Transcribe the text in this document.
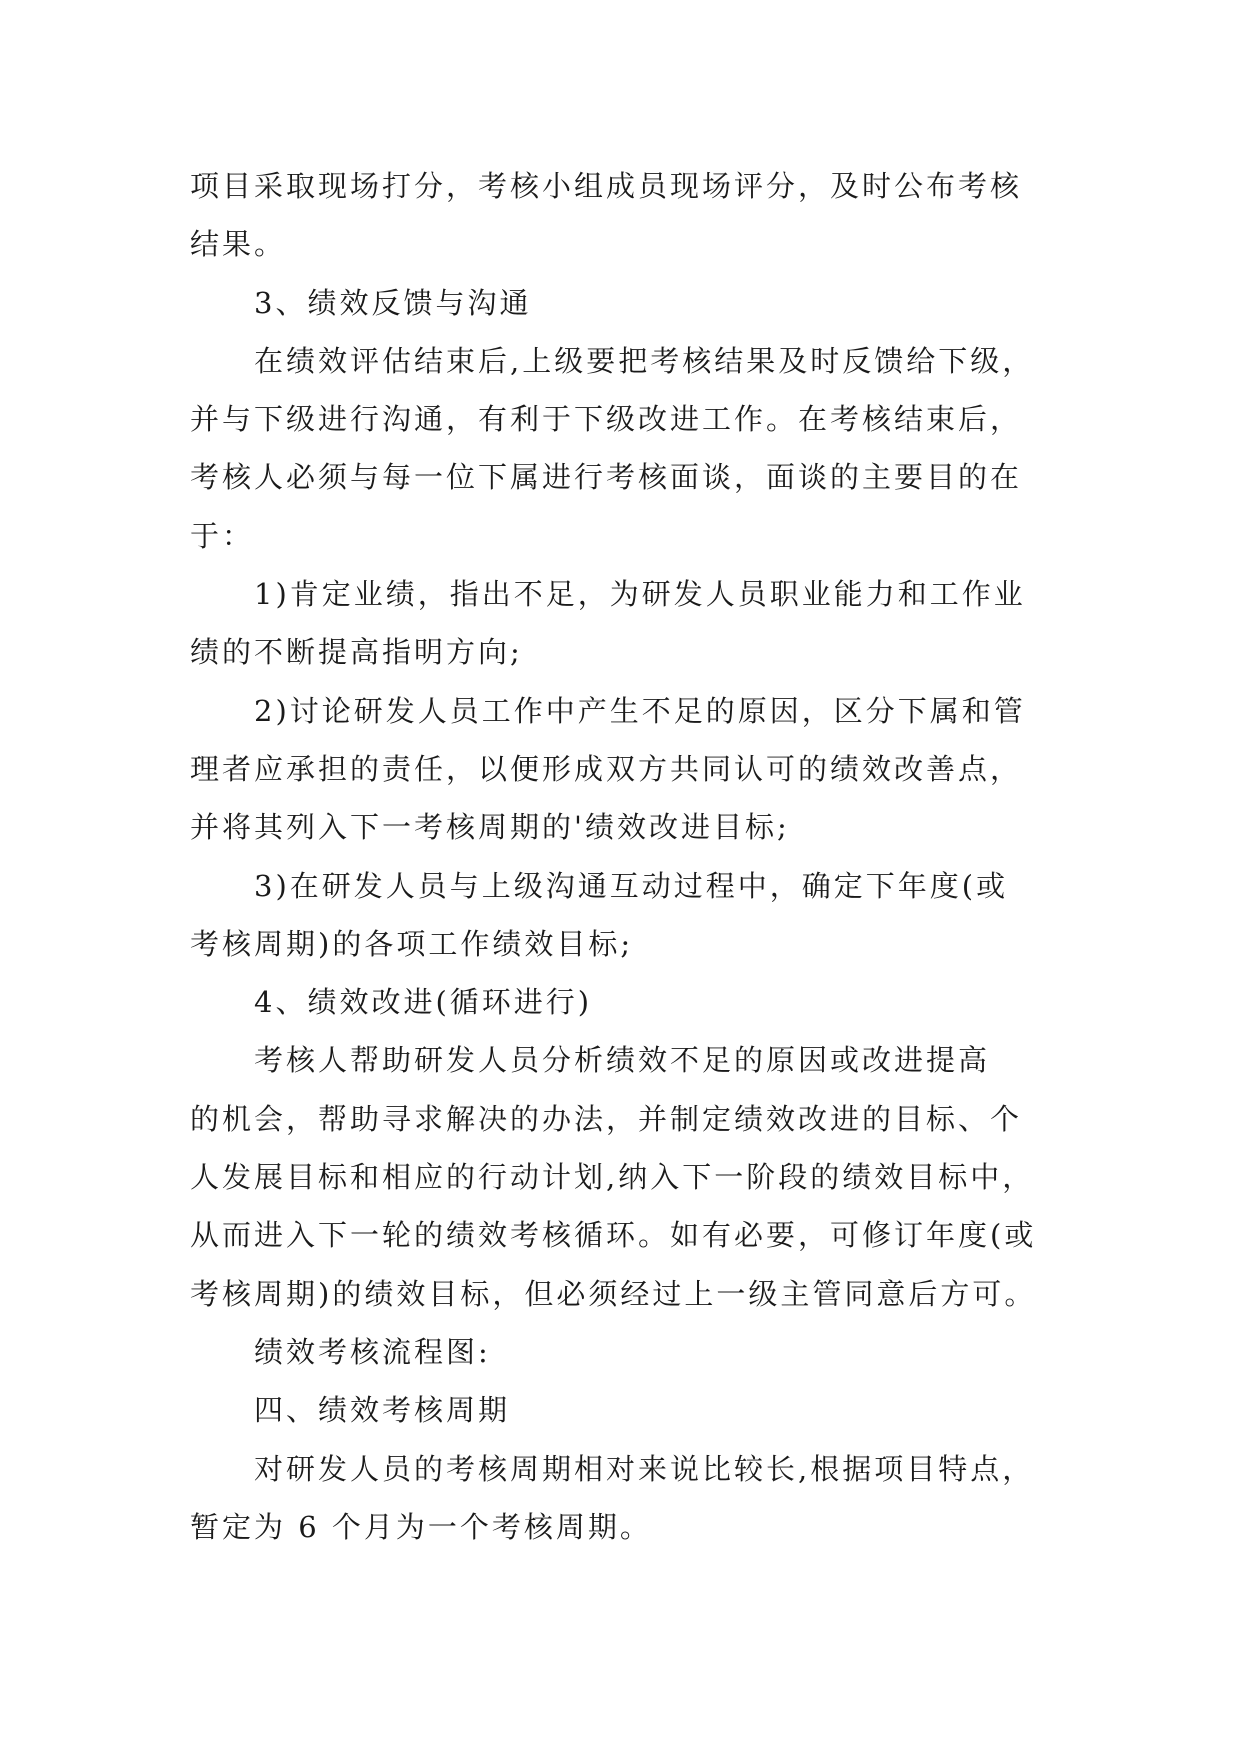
项目采取现场打分，考核小组成员现场评分，及时公布考核
结果。
3、绩效反馈与沟通
在绩效评估结束后,上级要把考核结果及时反馈给下级，
并与下级进行沟通，有利于下级改进工作。在考核结束后，
考核人必须与每一位下属进行考核面谈，面谈的主要目的在
于：
1)肯定业绩，指出不足，为研发人员职业能力和工作业
绩的不断提高指明方向;
2)讨论研发人员工作中产生不足的原因，区分下属和管
理者应承担的责任，以便形成双方共同认可的绩效改善点，
并将其列入下一考核周期的'绩效改进目标;
3)在研发人员与上级沟通互动过程中，确定下年度(或
考核周期)的各项工作绩效目标;
4、绩效改进(循环进行)
考核人帮助研发人员分析绩效不足的原因或改进提高
的机会，帮助寻求解决的办法，并制定绩效改进的目标、个
人发展目标和相应的行动计划,纳入下一阶段的绩效目标中，
从而进入下一轮的绩效考核循环。如有必要，可修订年度(或
考核周期)的绩效目标，但必须经过上一级主管同意后方可。
绩效考核流程图:
四、绩效考核周期
对研发人员的考核周期相对来说比较长,根据项目特点，
暂定为 6 个月为一个考核周期。
